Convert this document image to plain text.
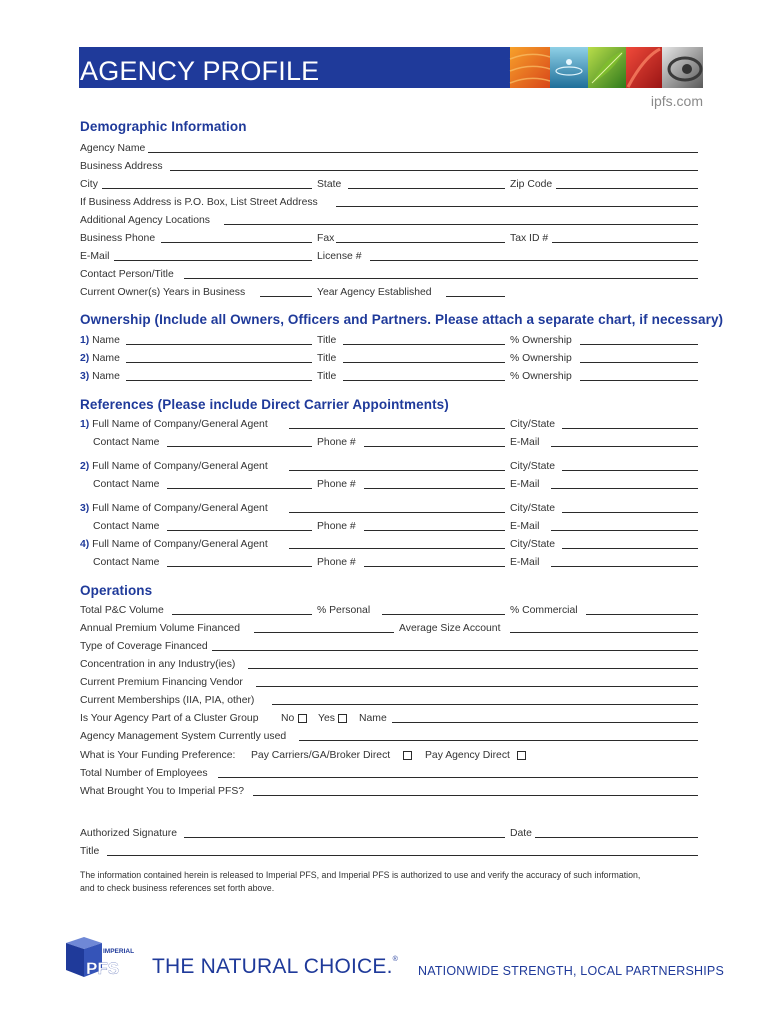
AGENCY PROFILE
ipfs.com
Demographic Information
Agency Name
Business Address
City	State	Zip Code
If Business Address is P.O. Box, List Street Address
Additional Agency Locations
Business Phone	Fax	Tax ID #
E-Mail	License #
Contact Person/Title
Current Owner(s) Years in Business	Year Agency Established
Ownership (Include all Owners, Officers and Partners. Please attach a separate chart, if necessary)
1) Name	Title	% Ownership
2) Name	Title	% Ownership
3) Name	Title	% Ownership
References (Please include Direct Carrier Appointments)
1) Full Name of Company/General Agent	City/State
Contact Name	Phone #	E-Mail
2) Full Name of Company/General Agent	City/State
Contact Name	Phone #	E-Mail
3) Full Name of Company/General Agent	City/State
Contact Name	Phone #	E-Mail
4) Full Name of Company/General Agent	City/State
Contact Name	Phone #	E-Mail
Operations
Total P&C Volume	% Personal	% Commercial
Annual Premium Volume Financed	Average Size Account
Type of Coverage Financed
Concentration in any Industry(ies)
Current Premium Financing Vendor
Current Memberships (IIA, PIA, other)
Is Your Agency Part of a Cluster Group No Yes Name
Agency Management System Currently used
What is Your Funding Preference: Pay Carriers/GA/Broker Direct	Pay Agency Direct
Total Number of Employees
What Brought You to Imperial PFS?
Authorized Signature	Date
Title
The information contained herein is released to Imperial PFS, and Imperial PFS is authorized to use and verify the accuracy of such information,
and to check business references set forth above.
IMPERIAL
PFS THE NATURAL CHOICE.®
NATIONWIDE STRENGTH, LOCAL PARTNERSHIPS
